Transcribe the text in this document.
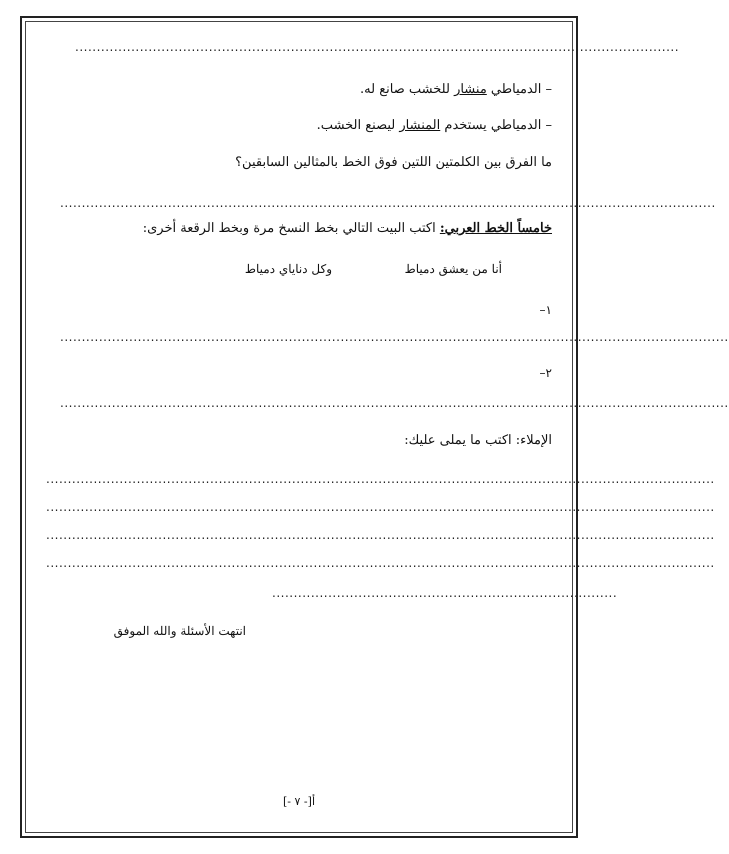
............................................................................................................................................
– الدمياطي منشار للخشب صانع له.
– الدمياطي يستخدم المنشار ليصنع الخشب.
ما الفرق بين الكلمتين اللتين فوق الخط بالمثالين السابقين؟
........................................................................................................................................................
خامساً الخط العربي: اكتب البيت التالي بخط النسخ مرة وبخط الرقعة أخرى:
أنا من يعشق دمياط
وكل دناياي دمياط
١–
...........................................................................................................................................................
٢–
...........................................................................................................................................................
الإملاء: اكتب ما يملى عليك:
...........................................................................................................................................................
...........................................................................................................................................................
...........................................................................................................................................................
...........................................................................................................................................................
................................................................................
انتهت الأسئلة والله الموفق
أ[- ٧ -]
